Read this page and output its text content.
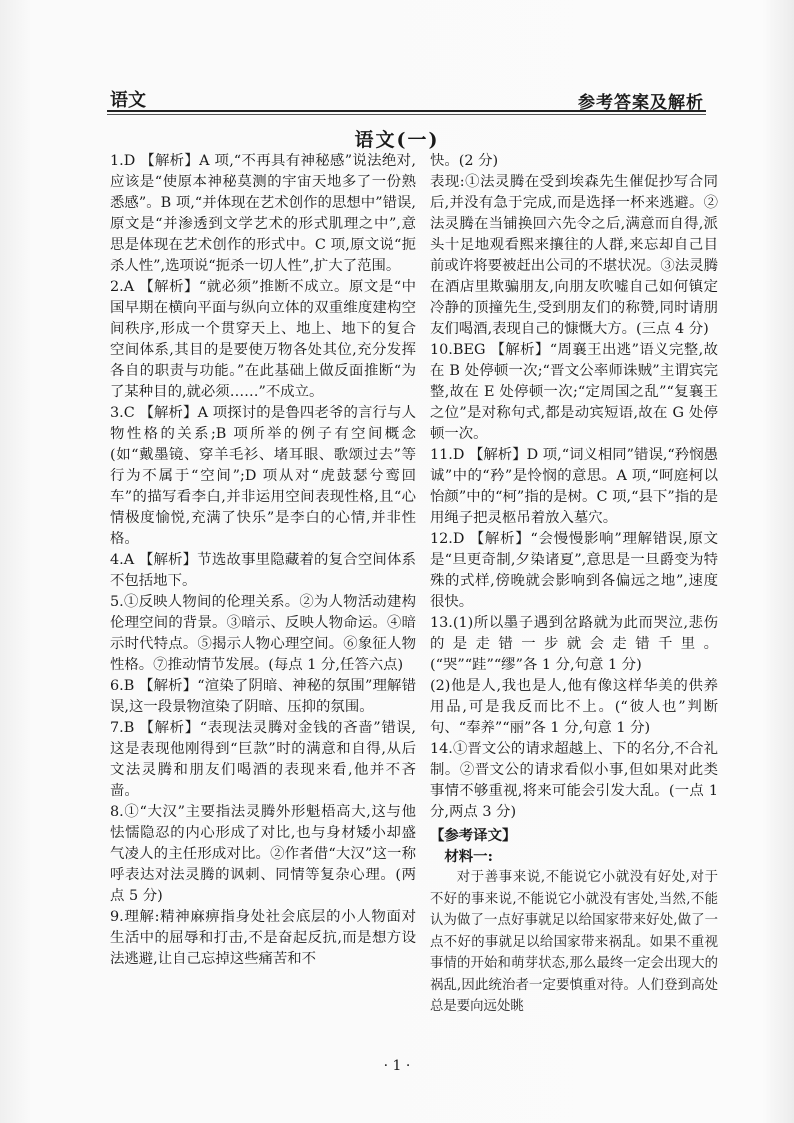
语文	参考答案及解析
语文(一)

1.D 【解析】A 项,“不再具有神秘感”说法绝对,应该是“使原本神秘莫测的宇宙天地多了一份熟悉感”。B 项,“并体现在艺术创作的思想中”错误,原文是“并渗透到文学艺术的形式肌理之中”,意思是体现在艺术创作的形式中。C 项,原文说“扼杀人性”,选项说“扼杀一切人性”,扩大了范围。

2.A 【解析】“就必须”推断不成立。原文是“中国早期在横向平面与纵向立体的双重维度建构空间秩序,形成一个贯穿天上、地上、地下的复合空间体系,其目的是要使万物各处其位,充分发挥各自的职责与功能。”在此基础上做反面推断“为了某种目的,就必须……”不成立。

3.C 【解析】A 项探讨的是鲁四老爷的言行与人物性格的关系;B 项所举的例子有空间概念(如“戴墨镜、穿羊毛衫、堵耳眼、歌颂过去”等行为不属于“空间”;D 项从对“虎鼓瑟兮鸾回车”的描写看李白,并非运用空间表现性格,且“心情极度愉悦,充满了快乐”是李白的心情,并非性格。

4.A 【解析】节选故事里隐藏着的复合空间体系不包括地下。

5.①反映人物间的伦理关系。②为人物活动建构伦理空间的背景。③暗示、反映人物命运。④暗示时代特点。⑤揭示人物心理空间。⑥象征人物性格。⑦推动情节发展。(每点 1 分,任答六点)

6.B 【解析】“渲染了阴暗、神秘的氛围”理解错误,这一段景物渲染了阴暗、压抑的氛围。

7.B 【解析】“表现法灵腾对金钱的吝啬”错误,这是表现他刚得到“巨款”时的满意和自得,从后文法灵腾和朋友们喝酒的表现来看,他并不吝啬。

8.①“大汉”主要指法灵腾外形魁梧高大,这与他怯懦隐忍的内心形成了对比,也与身材矮小却盛气凌人的主任形成对比。②作者借“大汉”这一称呼表达对法灵腾的讽刺、同情等复杂心理。(两点 5 分)

9.理解:精神麻痹指身处社会底层的小人物面对生活中的屈辱和打击,不是奋起反抗,而是想方设法逃避,让自己忘掉这些痛苦和不

快。(2 分)

表现:①法灵腾在受到埃森先生催促抄写合同后,并没有急于完成,而是选择一杯来逃避。②法灵腾在当铺换回六先令之后,满意而自得,派头十足地观看熙来攘往的人群,来忘却自己目前或许将要被赶出公司的不堪状况。③法灵腾在酒店里欺骗朋友,向朋友吹嘘自己如何镇定冷静的顶撞先生,受到朋友们的称赞,同时请朋友们喝酒,表现自己的慷慨大方。(三点 4 分)

10.BEG 【解析】“周襄王出逃”语义完整,故在 B 处停顿一次;“晋文公率师诛贼”主谓宾完整,故在 E 处停顿一次;“定周国之乱”“复襄王之位”是对称句式,都是动宾短语,故在 G 处停顿一次。

11.D 【解析】D 项,“词义相同”错误,“矜悯愚诚”中的“矜”是怜悯的意思。A 项,“呵庭柯以怡颜”中的“柯”指的是树。C 项,“县下”指的是用绳子把灵柩吊着放入墓穴。

12.D 【解析】“会慢慢影响”理解错误,原文是“旦更奇制,夕染诸夏”,意思是一旦爵变为特殊的式样,傍晚就会影响到各偏远之地”,速度很快。

13.(1)所以墨子遇到岔路就为此而哭泣,悲伤的是走错一步就会走错千里。(“哭”“跬”“缪”各 1 分,句意 1 分)

(2)他是人,我也是人,他有像这样华美的供养用品,可是我反而比不上。(“彼人也”判断句、“奉养”“丽”各 1 分,句意 1 分)

14.①晋文公的请求超越上、下的名分,不合礼制。②晋文公的请求看似小事,但如果对此类事情不够重视,将来可能会引发大乱。(一点 1 分,两点 3 分)

【参考译文】

材料一:

对于善事来说,不能说它小就没有好处,对于不好的事来说,不能说它小就没有害处,当然,不能认为做了一点好事就足以给国家带来好处,做了一点不好的事就足以给国家带来祸乱。如果不重视事情的开始和萌芽状态,那么最终一定会出现大的祸乱,因此统治者一定要慎重对待。人们登到高处总是要向远处眺

· 1 ·
